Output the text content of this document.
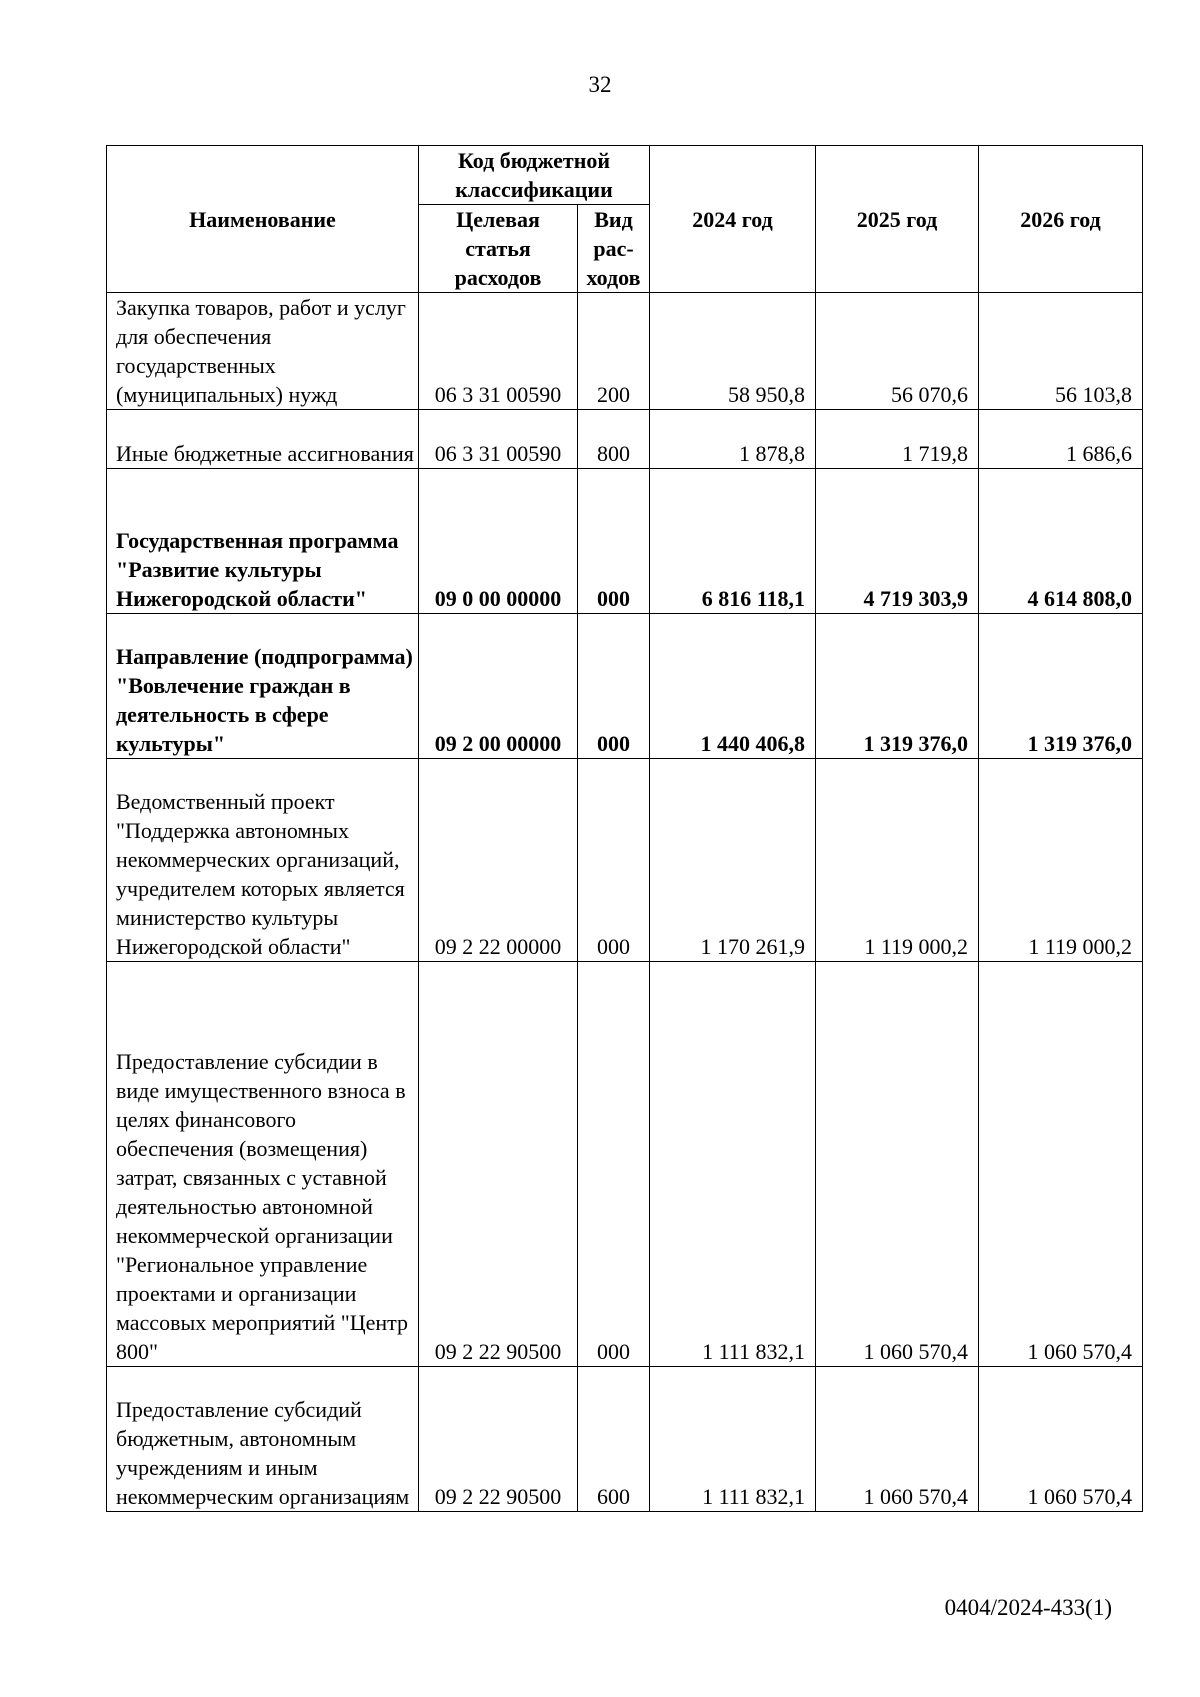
32
Наименование	Код бюджетной классификации		2024 год	2025 год	2026 год
	Целевая статья расходов	Вид рас-ходов			
Закупка товаров, работ и услуг для обеспечения государственных (муниципальных) нужд	06 3 31 00590	200	58 950,8	56 070,6	56 103,8
Иные бюджетные ассигнования	06 3 31 00590	800	1 878,8	1 719,8	1 686,6
Государственная программа "Развитие культуры Нижегородской области"	09 0 00 00000	000	6 816 118,1	4 719 303,9	4 614 808,0
Направление (подпрограмма) "Вовлечение граждан в деятельность в сфере культуры"	09 2 00 00000	000	1 440 406,8	1 319 376,0	1 319 376,0
Ведомственный проект "Поддержка автономных некоммерческих организаций, учредителем которых является министерство культуры Нижегородской области"	09 2 22 00000	000	1 170 261,9	1 119 000,2	1 119 000,2
Предоставление субсидии в виде имущественного взноса в целях финансового обеспечения (возмещения) затрат, связанных с уставной деятельностью автономной некоммерческой организации "Региональное управление проектами и организации массовых мероприятий "Центр 800"	09 2 22 90500	000	1 111 832,1	1 060 570,4	1 060 570,4
Предоставление субсидий бюджетным, автономным учреждениям и иным некоммерческим организациям	09 2 22 90500	600	1 111 832,1	1 060 570,4	1 060 570,4
0404/2024-433(1)
